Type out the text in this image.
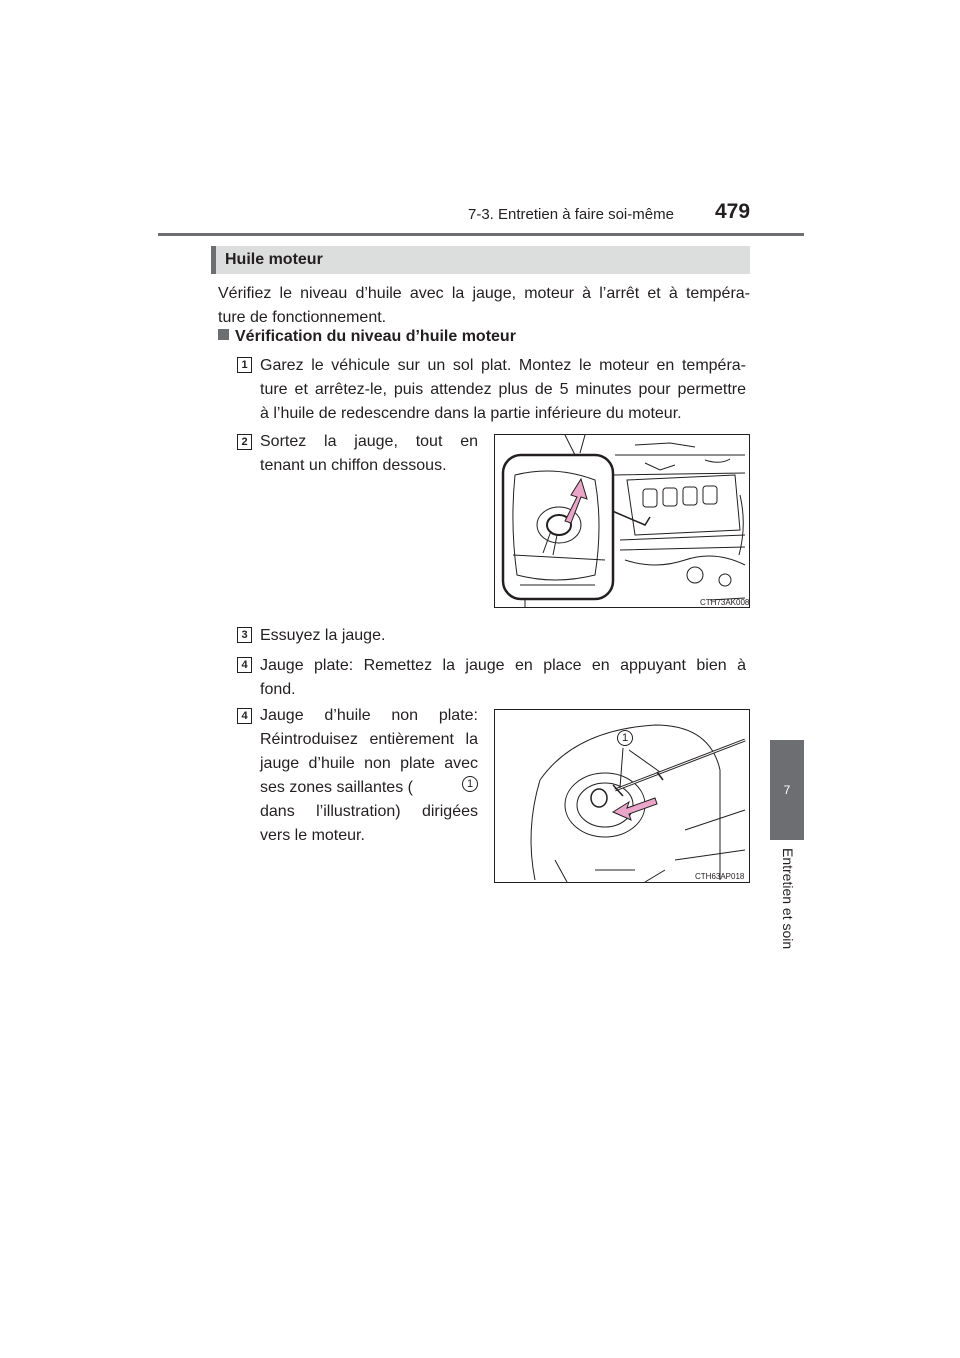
7-3. Entretien à faire soi-même 479
7
Entretien et soin
Huile moteur
Vérifiez le niveau d’huile avec la jauge, moteur à l’arrêt et à tempéra-
ture de fonctionnement.
Vérification du niveau d’huile moteur
1 Garez le véhicule sur un sol plat. Montez le moteur en tempéra-
ture et arrêtez-le, puis attendez plus de 5 minutes pour permettre
à l’huile de redescendre dans la partie inférieure du moteur.
2 Sortez la jauge, tout en
tenant un chiffon dessous.
CTH73AK008
3 Essuyez la jauge.
4 Jauge plate: Remettez la jauge en place en appuyant bien à
fond.
4 Jauge d’huile non plate:
Réintroduisez entièrement la
jauge d’huile non plate avec
ses zones saillantes (	1
dans l’illustration) dirigées
vers le moteur.
1
CTH63AP018
